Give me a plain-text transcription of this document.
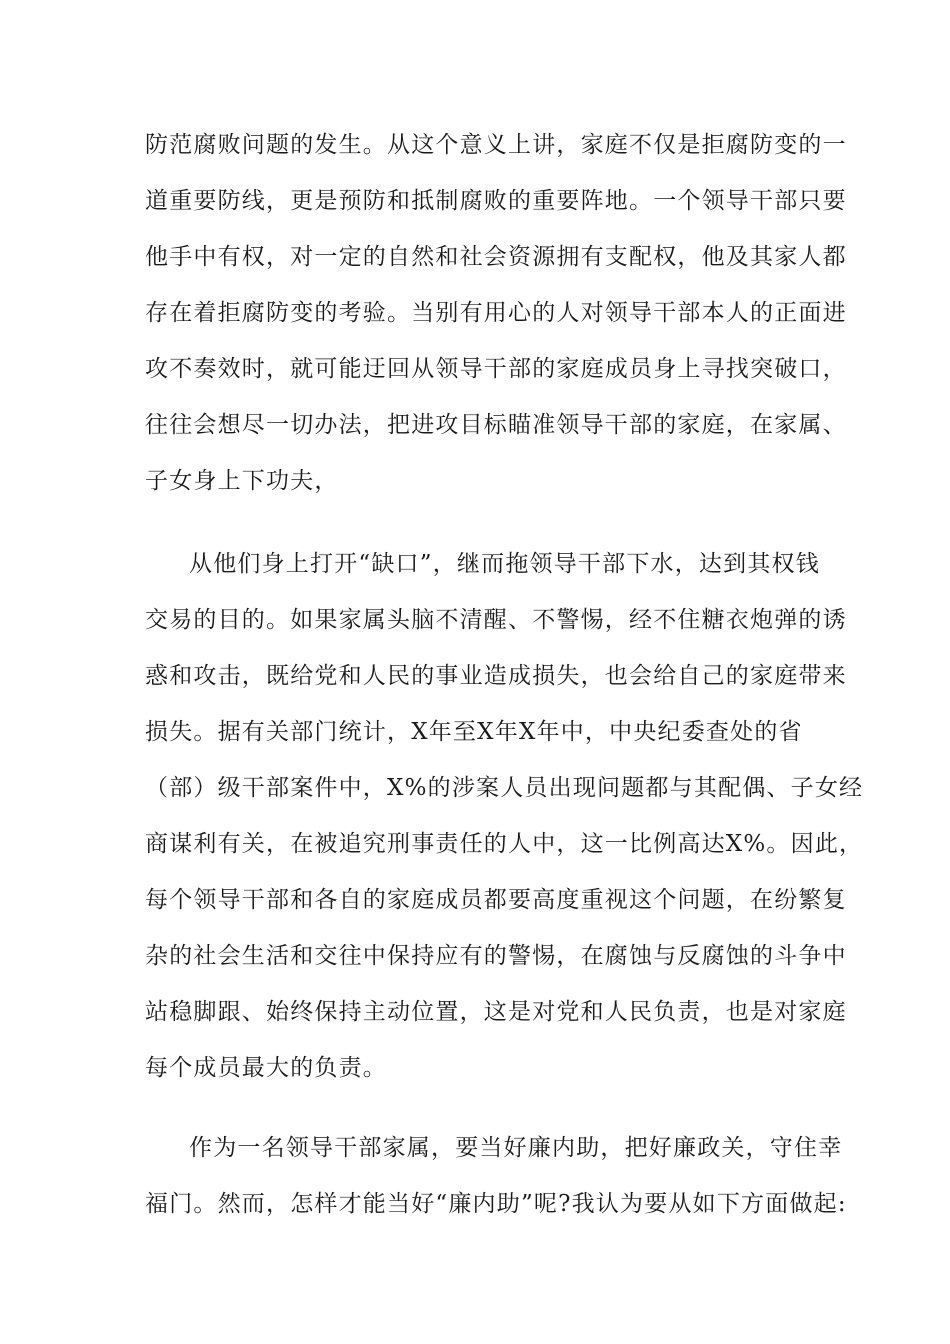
防范腐败问题的发生。从这个意义上讲，家庭不仅是拒腐防变的一
道重要防线，更是预防和抵制腐败的重要阵地。一个领导干部只要
他手中有权，对一定的自然和社会资源拥有支配权，他及其家人都
存在着拒腐防变的考验。当别有用心的人对领导干部本人的正面进
攻不奏效时，就可能迂回从领导干部的家庭成员身上寻找突破口，
往往会想尽一切办法，把进攻目标瞄准领导干部的家庭，在家属、
子女身上下功夫，
从他们身上打开“缺口”，继而拖领导干部下水，达到其权钱
交易的目的。如果家属头脑不清醒、不警惕，经不住糖衣炮弹的诱
惑和攻击，既给党和人民的事业造成损失，也会给自己的家庭带来
损失。据有关部门统计，X年至X年X年中，中央纪委查处的省
（部）级干部案件中，X%的涉案人员出现问题都与其配偶、子女经
商谋利有关，在被追究刑事责任的人中，这一比例高达X%。因此，
每个领导干部和各自的家庭成员都要高度重视这个问题，在纷繁复
杂的社会生活和交往中保持应有的警惕，在腐蚀与反腐蚀的斗争中
站稳脚跟、始终保持主动位置，这是对党和人民负责，也是对家庭
每个成员最大的负责。
作为一名领导干部家属，要当好廉内助，把好廉政关，守住幸
福门。然而，怎样才能当好“廉内助”呢?我认为要从如下方面做起:
